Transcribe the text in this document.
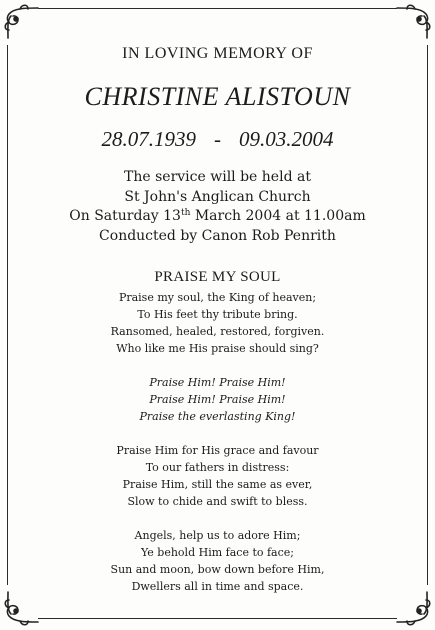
IN LOVING MEMORY OF

CHRISTINE ALISTOUN

28.07.1939 - 09.03.2004

The service will be held at
St John's Anglican Church
On Saturday 13th March 2004 at 11.00am
Conducted by Canon Rob Penrith
PRAISE MY SOUL
Praise my soul, the King of heaven;
To His feet thy tribute bring.
Ransomed, healed, restored, forgiven.
Who like me His praise should sing?
Praise Him! Praise Him!
Praise Him! Praise Him!
Praise the everlasting King!
Praise Him for His grace and favour
To our fathers in distress:
Praise Him, still the same as ever,
Slow to chide and swift to bless.
Angels, help us to adore Him;
Ye behold Him face to face;
Sun and moon, bow down before Him,
Dwellers all in time and space.
